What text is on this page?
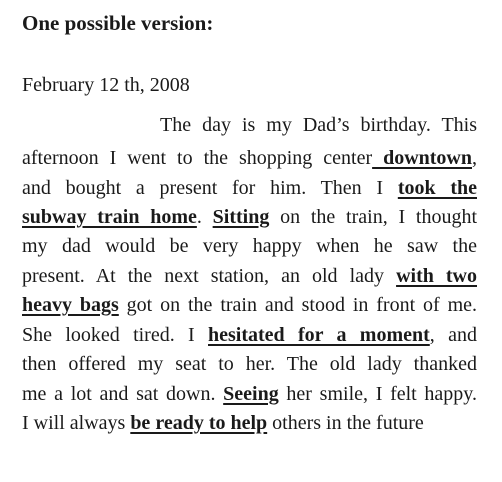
One possible version:
February 12 th, 2008
The day is my Dad’s birthday. This
afternoon I went to the shopping center downtown,
and bought a present for him. Then I took the
subway train home. Sitting on the train, I thought
my dad would be very happy when he saw the
present. At the next station, an old lady with two
heavy bags got on the train and stood in front of me.
She looked tired. I hesitated for a moment, and
then offered my seat to her. The old lady thanked
me a lot and sat down. Seeing her smile, I felt happy.
I will always be ready to help others in the future
